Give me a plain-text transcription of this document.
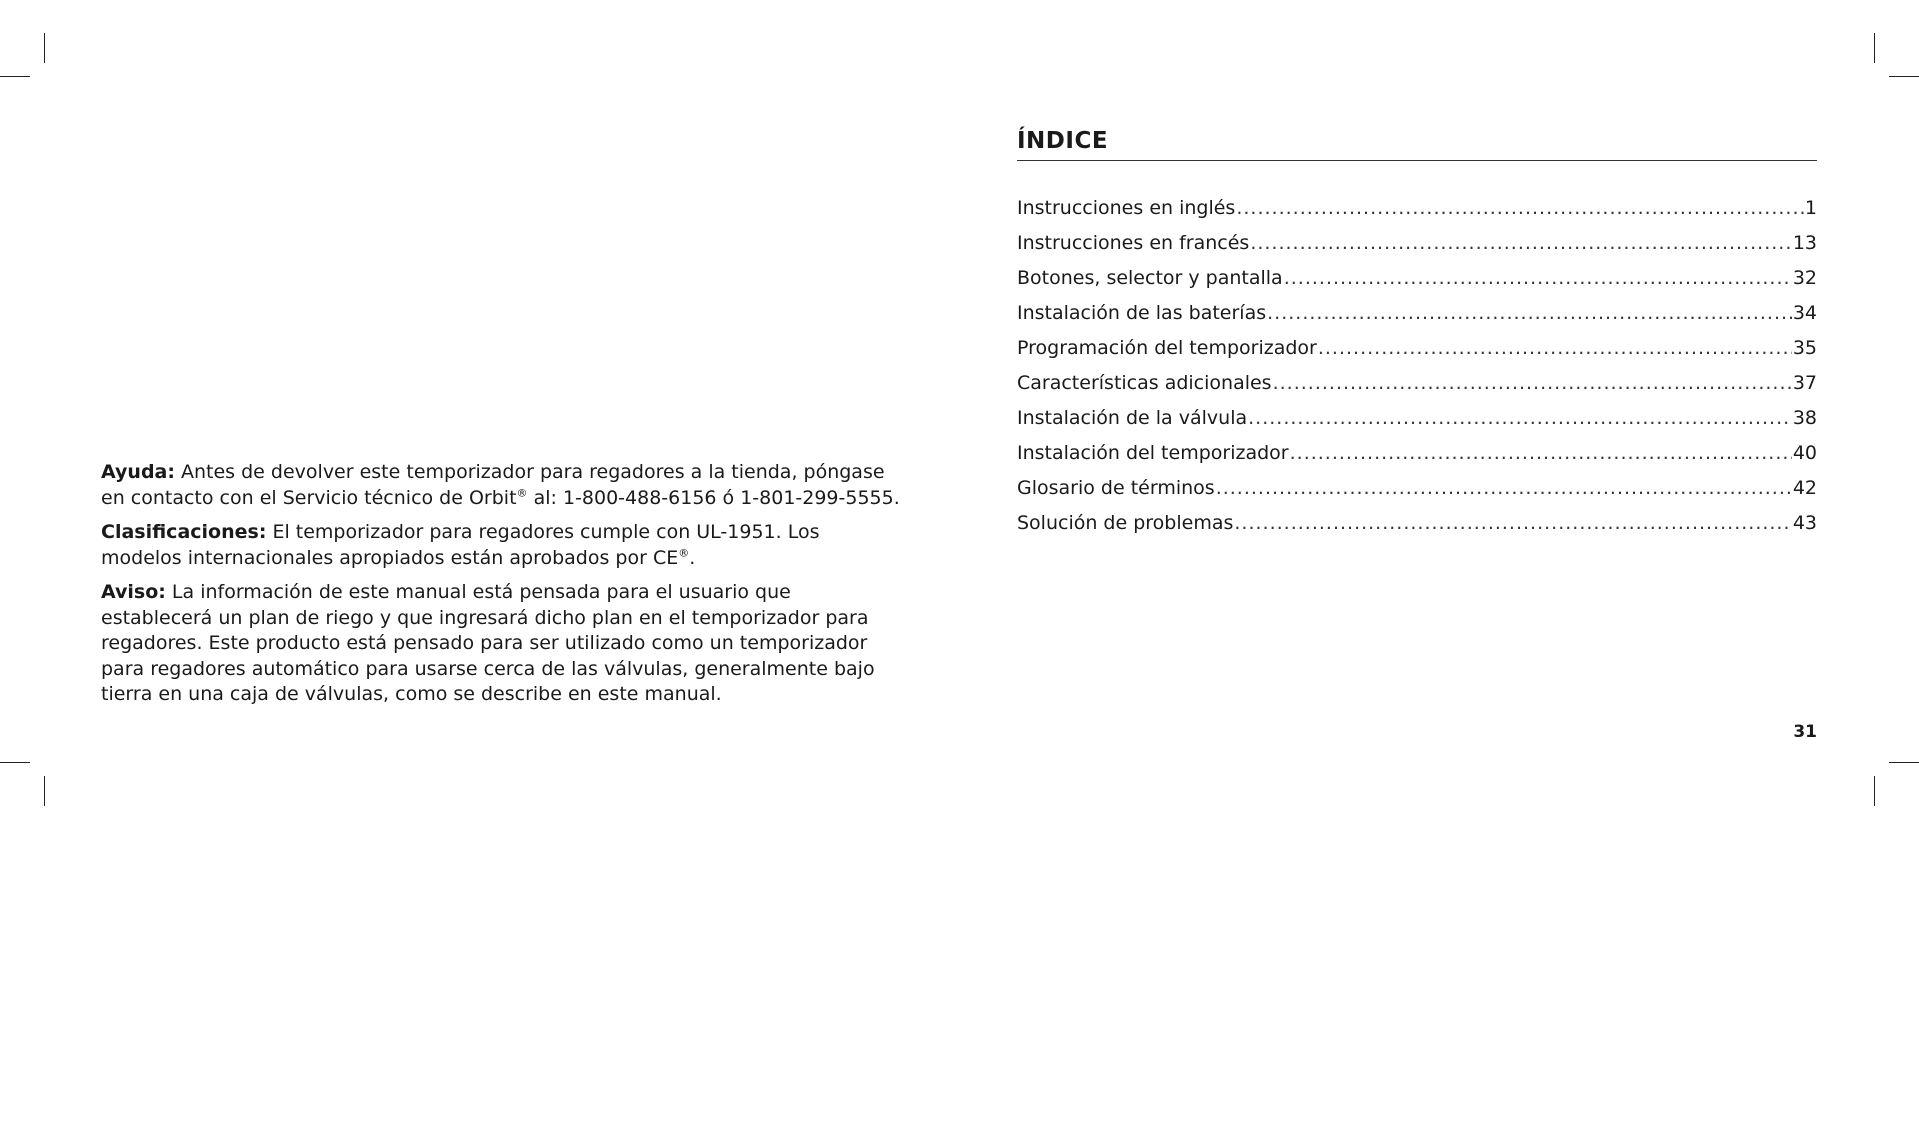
Ayuda: Antes de devolver este temporizador para regadores a la tienda, póngase en contacto con el Servicio técnico de Orbit® al: 1-800-488-6156 ó 1-801-299-5555.

Clasificaciones: El temporizador para regadores cumple con UL-1951. Los modelos internacionales apropiados están aprobados por CE®.

Aviso: La información de este manual está pensada para el usuario que establecerá un plan de riego y que ingresará dicho plan en el temporizador para regadores. Este producto está pensado para ser utilizado como un temporizador para regadores automático para usarse cerca de las válvulas, generalmente bajo tierra en una caja de válvulas, como se describe en este manual.

ÍNDICE
Instrucciones en inglés .....	1
Instrucciones en francés .....	13
Botones, selector y pantalla .....	32
Instalación de las baterías .....	34
Programación del temporizador .....	35
Características adicionales .....	37
Instalación de la válvula .....	38
Instalación del temporizador .....	40
Glosario de términos .....	42
Solución de problemas .....	43
31
